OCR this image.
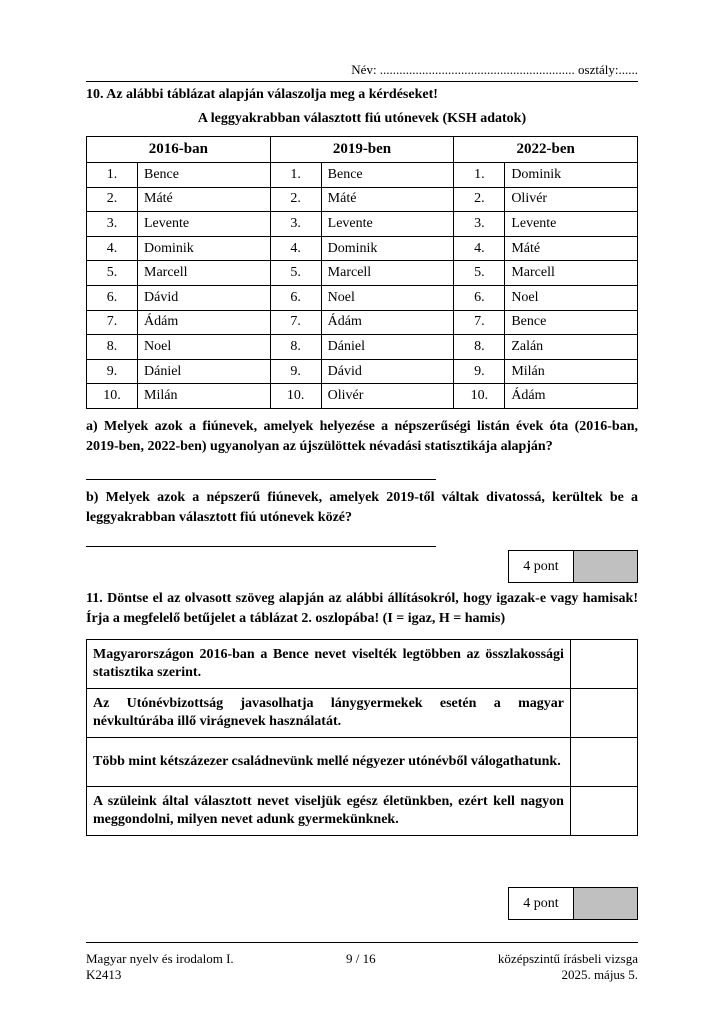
Név: ............................................................ osztály:......
10. Az alábbi táblázat alapján válaszolja meg a kérdéseket!
A leggyakrabban választott fiú utónevek (KSH adatok)
2016-ban		2019-ben		2022-ben	
1.	Bence	1.	Bence	1.	Dominik
2.	Máté	2.	Máté	2.	Olivér
3.	Levente	3.	Levente	3.	Levente
4.	Dominik	4.	Dominik	4.	Máté
5.	Marcell	5.	Marcell	5.	Marcell
6.	Dávid	6.	Noel	6.	Noel
7.	Ádám	7.	Ádám	7.	Bence
8.	Noel	8.	Dániel	8.	Zalán
9.	Dániel	9.	Dávid	9.	Milán
10.	Milán	10.	Olivér	10.	Ádám
a) Melyek azok a fiúnevek, amelyek helyezése a népszerűségi listán évek óta (2016-ban, 2019-ben, 2022-ben) ugyanolyan az újszülöttek névadási statisztikája alapján?
b) Melyek azok a népszerű fiúnevek, amelyek 2019-től váltak divatossá, kerültek be a leggyakrabban választott fiú utónevek közé?
4 pont
11. Döntse el az olvasott szöveg alapján az alábbi állításokról, hogy igazak-e vagy hamisak! Írja a megfelelő betűjelet a táblázat 2. oszlopába! (I = igaz, H = hamis)
Magyarországon 2016-ban a Bence nevet viselték legtöbben az összlakossági statisztika szerint.	
Az Utónévbizottság javasolhatja lánygyermekek esetén a magyar névkultúrába illő virágnevek használatát.	
Több mint kétszázezer családnevünk mellé négyezer utónévből válogathatunk.	
A szüleink által választott nevet viseljük egész életünkben, ezért kell nagyon meggondolni, milyen nevet adunk gyermekünknek.	
4 pont
Magyar nyelv és irodalom I.
K2413
9 / 16	középszintű írásbeli vizsga
2025. május 5.
